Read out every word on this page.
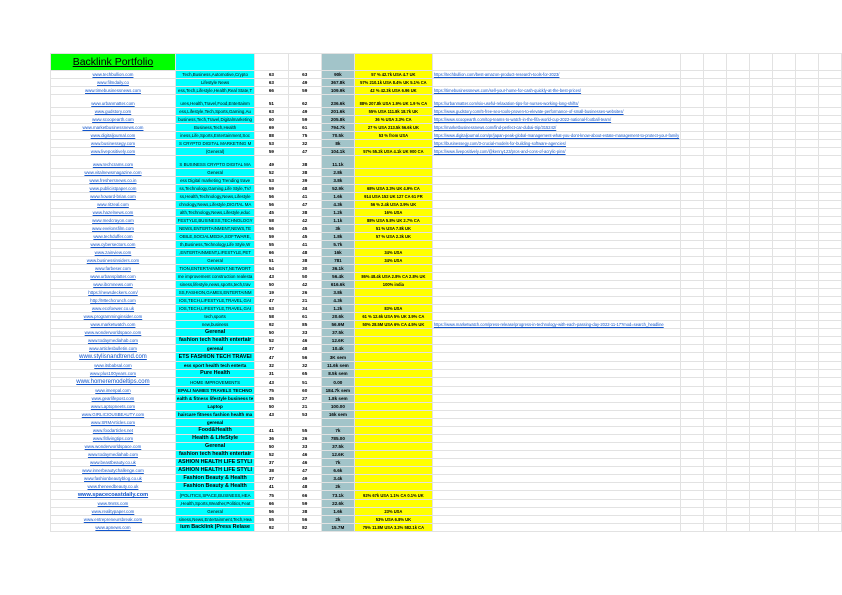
Backlink Portfolio													
www.techbullion.com	Tech,Business,Automotive,Crypto	63	63	90k	57 % 42.7k USA 4.7 UK	https://techbullion.com/best-amazon-product-research-tools-for-2023/							
www.filmdaily.co	Lifestyle News	63	49	367.8k	57% 210.1k USA 8.4% UK 5.1% CA								
www.timebusinessnews.com	ess,Tech,Lifestyle,Health,Real State,T	66	59	109.9k	42 % 42.3k USA 6.96 UK	https://timebusinessnews.com/sell-your-home-for-cash-quickly-at-the-best-prices/							
www.urbanmatter.com	ures,Health,Travel,Food,Entertainm	51	62	236.6k	88% 207.8k USA 1.9% UK 1.9 % CA	https://urbanmatter.com/six-useful-relaxation-tips-for-nurses-working-long-shifts/							
www.gudstory.com	ess,Lifestyle,Tech,Sports,Gaming,Au	63	49	201.6k	55% USA 111.8k 18.7k UK	https://www.gudstory.com/5-free-seo-tools-proven-to-elevate-performance-of-small-businesses-websites/							
www.scoopearth.com	business,Tech,Travel,Digitalmarketing	60	59	205.8k	36 % USA 3.3% CA	https://www.scoopearth.com/top-teams-to-watch-in-the-fifa-world-cup-2022-national-football-team/							
www.marketbusinessnews.com	Business,Tech,Health	69	61	794.7k	27 % USA 213.5k 56.6k UK	https://marketbusinessnews.com/find-perfect-car-dubai-trip/315242/							
www.digitaljournal.com	iness,Life,Sports,Entertainment,Soc	88	75	70.5k	53 % from USA	https://www.digitaljournal.com/pr/japan-peak-global-management-what-you-dont-know-about-estate-management-to-protect-your-family							
www.businessegy.com	S CRYPTO DIGITAL MARKETING M	53	32	8k		https://businessegy.com/3-crucial-models-for-building-software-agencies/							
www.livepositively.com	(General)	59	47	104.1k	57% 55.2k USA 4.1k UK 900 CA	https://www.livepositively.com/@kenny123/pros-and-cons-of-acrylic-pins/							
www.techcrams.com	S BUSINESS CRYPTO DIGITAL MA	49	38	11.1k									
www.vitalnewsmagazine.com	General	52	38	2.8k									
www.freshersnews.co.in	ess Digital marketing Trending trave	53	39	3.8k									
www.publicistpaper.com	ss,Technology,Gaming,Life Style,TV/	59	48	52.9k	68% USA 3.3% UK 4.9% CA								
www.howard-brian.com	ss,Health,Technology,News,Lifestyle	56	41	1.6k	914 USA 152 UK 127 CA 61 FR								
www.ritzeal.com	chnology,News,Lifestyle,DIGITAL MA	56	47	4.3k	56 % 2.4k USA 3.9% UK								
www.hazelnews.com	alth,Technology,News,Lifestyle,educ	45	38	1.2k	16% USA								
www.medcrayon.com	FESTYLE,BUSINESS,TECHNOLOGY	58	42	1.1k	88% USA 5.8% UK 2.7% CA								
www.evelonsfilm.com	NEWS,ENTERTAINMENT,NEWS,TE	56	45	3k	51 % USA 7.8k UK								
www.techduffer.com	OBILE,SOCIALMEDIA,SOFTWARE,	59	45	1.8k	57 % USA 2.3k UK								
www.cybersectors.com	th,Business,Technology,Life Style,W	55	41	5.7k									
www.zainview.com	,ENTERTAINMENT,LIFESTYLE,PET	66	48	16k	34% USA								
www.businessinsiders.com	General	51	38	781	34% USA								
www.farbeser.com	TION,ENTERTAINMENT,NETWORT	54	30	36.1k									
www.urbansplatter.com	me improvement construction realesta	43	50	56.4k	86% 48.4k USA 2.8% CA 2.8% UK								
www.ibcmnews.com	siness,lifestyle,news,sports,tech,trav	50	42	616.6k	100% india								
https://newsdeckers.com/	SS,FASHION,GAMES,ENTERTAINM	19	26	3.8k									
http://Mtechcrunch.com	IOS,TECH,LIFESTYLE,TRAVEL,GAI	47	21	4.3k									
www.ecofoewer.co.uk	IOS,TECH,LIFESTYLE,TRAVEL,GAI	53	34	1.2k	83% USA								
www.programminginsider.com	tech,sports	58	61	20.6k	61 % 12.6k USA 5% UK 3.9% CA								
www.marketwatch.com	new,business	92	85	56.9M	50% 28.5M USA 6% CA 4.5% UK	https://www.marketwatch.com/press-release/progress-in-technology-with-each-passing-day-2022-11-17?mod=search_headline							
www.wonderworldspace.com	Gerenal	50	33	37.5k									
www.todaymediahab.com	fashion tech health entertair	52	46	12.6K									
www.articlesbulletin.com	gerenal	37	48	10.4k									
www.stylisnandtrend.com	ETS FASHION TECH TRAVEI	47	56	3K sem									
www.itsbabsal.com	ess sport health tech enterta	32	32	11.6k sem									
www.plus100years.com	Pure Health	31	65	8.5k sem									
www.homeremodeltips.com	HOME IMPROVEMENTS	43	51	0.00									
www.imenpal.com	EPALI NAMES TRAVELS TECHNO	75	60	184.7k sem									
www.gearlifepost.com	ealth & fitness lifestyle business te	35	27	1.8k sem									
www.Laptopneets.com	Laptop	50	21	100.00									
www.GIRLICIOUSBEAUTY.com	haircare fitness fashion health ma	43	53	16k sem									
www.SRMArticles.com	gerenal												
www.foodarticles.net	Food&Health	41	55	7k									
www.fitlivingtips.com	Health & LifeStyle	36	26	785.00									
www.wonderworldspace.com	Gerenal	50	33	37.5k									
www.todaymediahab.com	fashion tech health entertair	52	46	12.6K									
www.beastbeauty.co.uk	ASHION HEALTH LIFE STYLI	37	46	7k									
www.innerbeautychallenge.com	ASHION HEALTH LIFE STYLI	38	47	6.6k									
www.fashionbeautyblog.co.uk	Fashion Beauty & Health	37	49	3.4k									
www.theneedbeauty.co.uk	Fashion Beauty & Health	41	48	2k									
www.spacecoastdaily.com	(POLITICS,SPACE,BUSINESS,HEA	75	66	73.1k	92% 67k USA 1.1% CA 0.1% UK								
www.9nnts.com	,Health,Sports,Weather,Politics,Feat	66	59	22.6k									
www.realitypaper.com	General	56	38	1.6k	23% USA								
www.entrepreneursbreak.com	siness,News,Entertainment,Tech,Hea	55	56	2k	53% USA 6.8% UK								
www.apnews.com	ium Backlink |Press Relase	92	82	15.7M	75% 11.8M USA 3.2% 582.1k CA								
